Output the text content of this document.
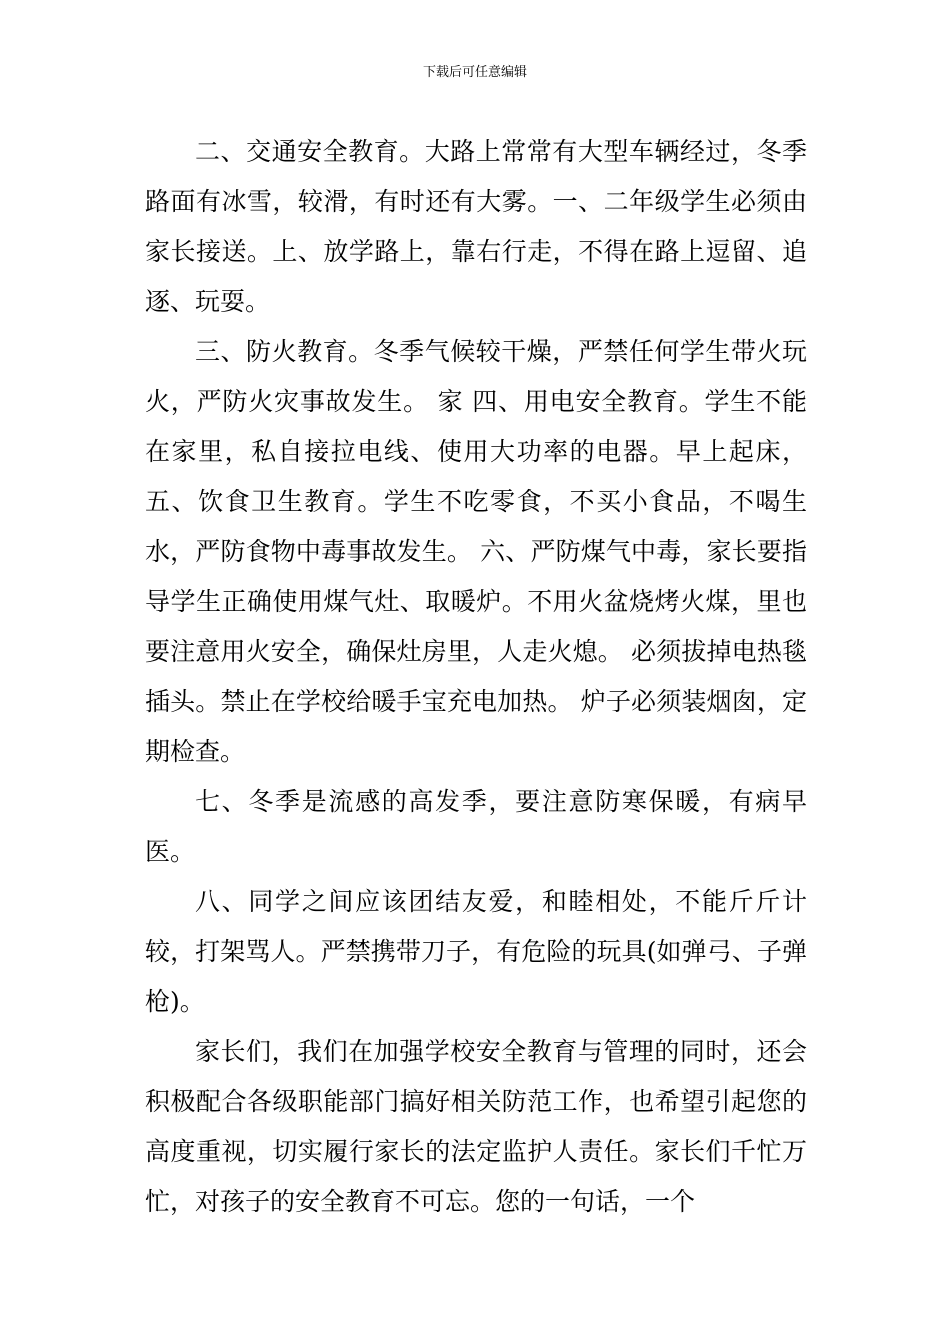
下载后可任意编辑

二、交通安全教育。大路上常常有大型车辆经过，冬季路面有冰雪，较滑，有时还有大雾。一、二年级学生必须由家长接送。上、放学路上，靠右行走，不得在路上逗留、追逐、玩耍。

三、防火教育。冬季气候较干燥，严禁任何学生带火玩火，严防火灾事故发生。 家 四、用电安全教育。学生不能在家里，私自接拉电线、使用大功率的电器。早上起床， 五、饮食卫生教育。学生不吃零食，不买小食品，不喝生水，严防食物中毒事故发生。 六、严防煤气中毒，家长要指导学生正确使用煤气灶、取暖炉。不用火盆烧烤火煤，里也要注意用火安全，确保灶房里，人走火熄。 必须拔掉电热毯插头。禁止在学校给暖手宝充电加热。 炉子必须装烟囱，定期检查。

七、冬季是流感的高发季，要注意防寒保暖，有病早医。

八、同学之间应该团结友爱，和睦相处，不能斤斤计较，打架骂人。严禁携带刀子，有危险的玩具(如弹弓、子弹枪)。

家长们，我们在加强学校安全教育与管理的同时，还会积极配合各级职能部门搞好相关防范工作，也希望引起您的高度重视，切实履行家长的法定监护人责任。家长们千忙万忙，对孩子的安全教育不可忘。您的一句话，一个
